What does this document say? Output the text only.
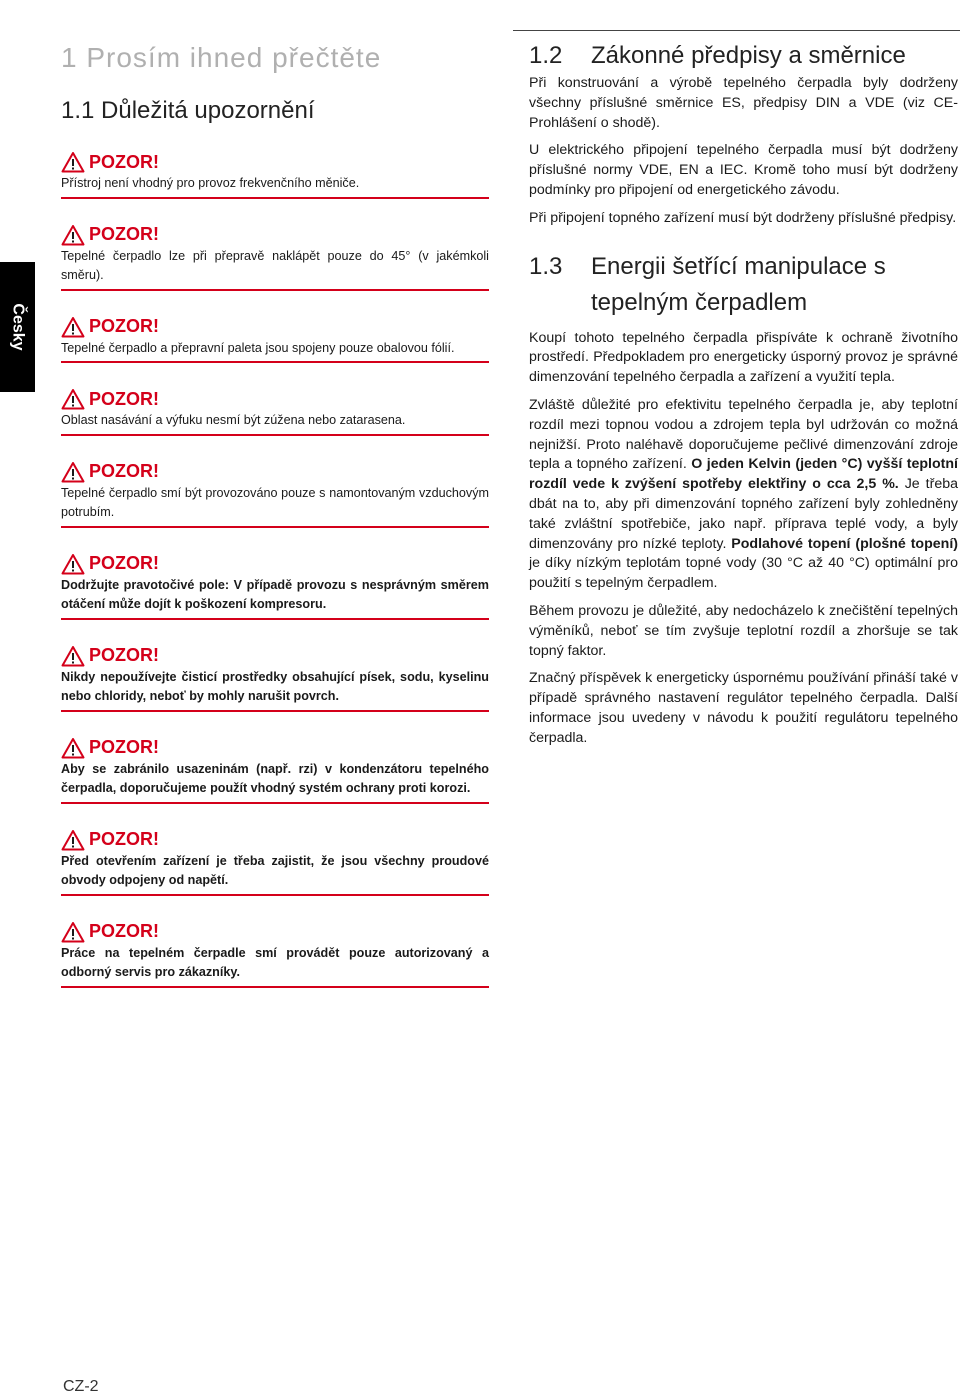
Česky
1 Prosím ihned přečtěte
1.1 Důležitá upozornění
POZOR!
Přístroj není vhodný pro provoz frekvenčního měniče.
POZOR!
Tepelné čerpadlo lze při přepravě naklápět pouze do 45° (v jakémkoli směru).
POZOR!
Tepelné čerpadlo a přepravní paleta jsou spojeny pouze obalovou fólií.
POZOR!
Oblast nasávání a výfuku nesmí být zúžena nebo zatarasena.
POZOR!
Tepelné čerpadlo smí být provozováno pouze s namontovaným vzduchovým potrubím.
POZOR!
Dodržujte pravotočivé pole: V případě provozu s nesprávným směrem otáčení může dojít k poškození kompresoru.
POZOR!
Nikdy nepoužívejte čisticí prostředky obsahující písek, sodu, kyselinu nebo chloridy, neboť by mohly narušit povrch.
POZOR!
Aby se zabránilo usazeninám (např. rzi) v kondenzátoru tepelného čerpadla, doporučujeme použít vhodný systém ochrany proti korozi.
POZOR!
Před otevřením zařízení je třeba zajistit, že jsou všechny proudové obvody odpojeny od napětí.
POZOR!
Práce na tepelném čerpadle smí provádět pouze autorizovaný a odborný servis pro zákazníky.
1.2	Zákonné předpisy a směrnice

Při konstruování a výrobě tepelného čerpadla byly dodrženy všechny příslušné směrnice ES, předpisy DIN a VDE (viz CE-Prohlášení o shodě).

U elektrického připojení tepelného čerpadla musí být dodrženy příslušné normy VDE, EN a IEC. Kromě toho musí být dodrženy podmínky pro připojení od energetického závodu.

Při připojení topného zařízení musí být dodrženy příslušné předpisy.

1.3	Energii šetřící manipulace s tepelným čerpadlem

Koupí tohoto tepelného čerpadla přispíváte k ochraně životního prostředí. Předpokladem pro energeticky úsporný provoz je správné dimenzování tepelného čerpadla a zařízení a využití tepla.

Zvláště důležité pro efektivitu tepelného čerpadla je, aby teplotní rozdíl mezi topnou vodou a zdrojem tepla byl udržován co možná nejnižší. Proto naléhavě doporučujeme pečlivé dimenzování zdroje tepla a topného zařízení. O jeden Kelvin (jeden °C) vyšší teplotní rozdíl vede k zvýšení spotřeby elektřiny o cca 2,5 %. Je třeba dbát na to, aby při dimenzování topného zařízení byly zohledněny také zvláštní spotřebiče, jako např. příprava teplé vody, a byly dimenzovány pro nízké teploty. Podlahové topení (plošné topení) je díky nízkým teplotám topné vody (30 °C až 40 °C) optimální pro použití s tepelným čerpadlem.

Během provozu je důležité, aby nedocházelo k znečištění tepelných výměníků, neboť se tím zvyšuje teplotní rozdíl a zhoršuje se tak topný faktor.

Značný příspěvek k energeticky úspornému používání přináší také v případě správného nastavení regulátor tepelného čerpadla. Další informace jsou uvedeny v návodu k použití regulátoru tepelného čerpadla.

CZ-2
